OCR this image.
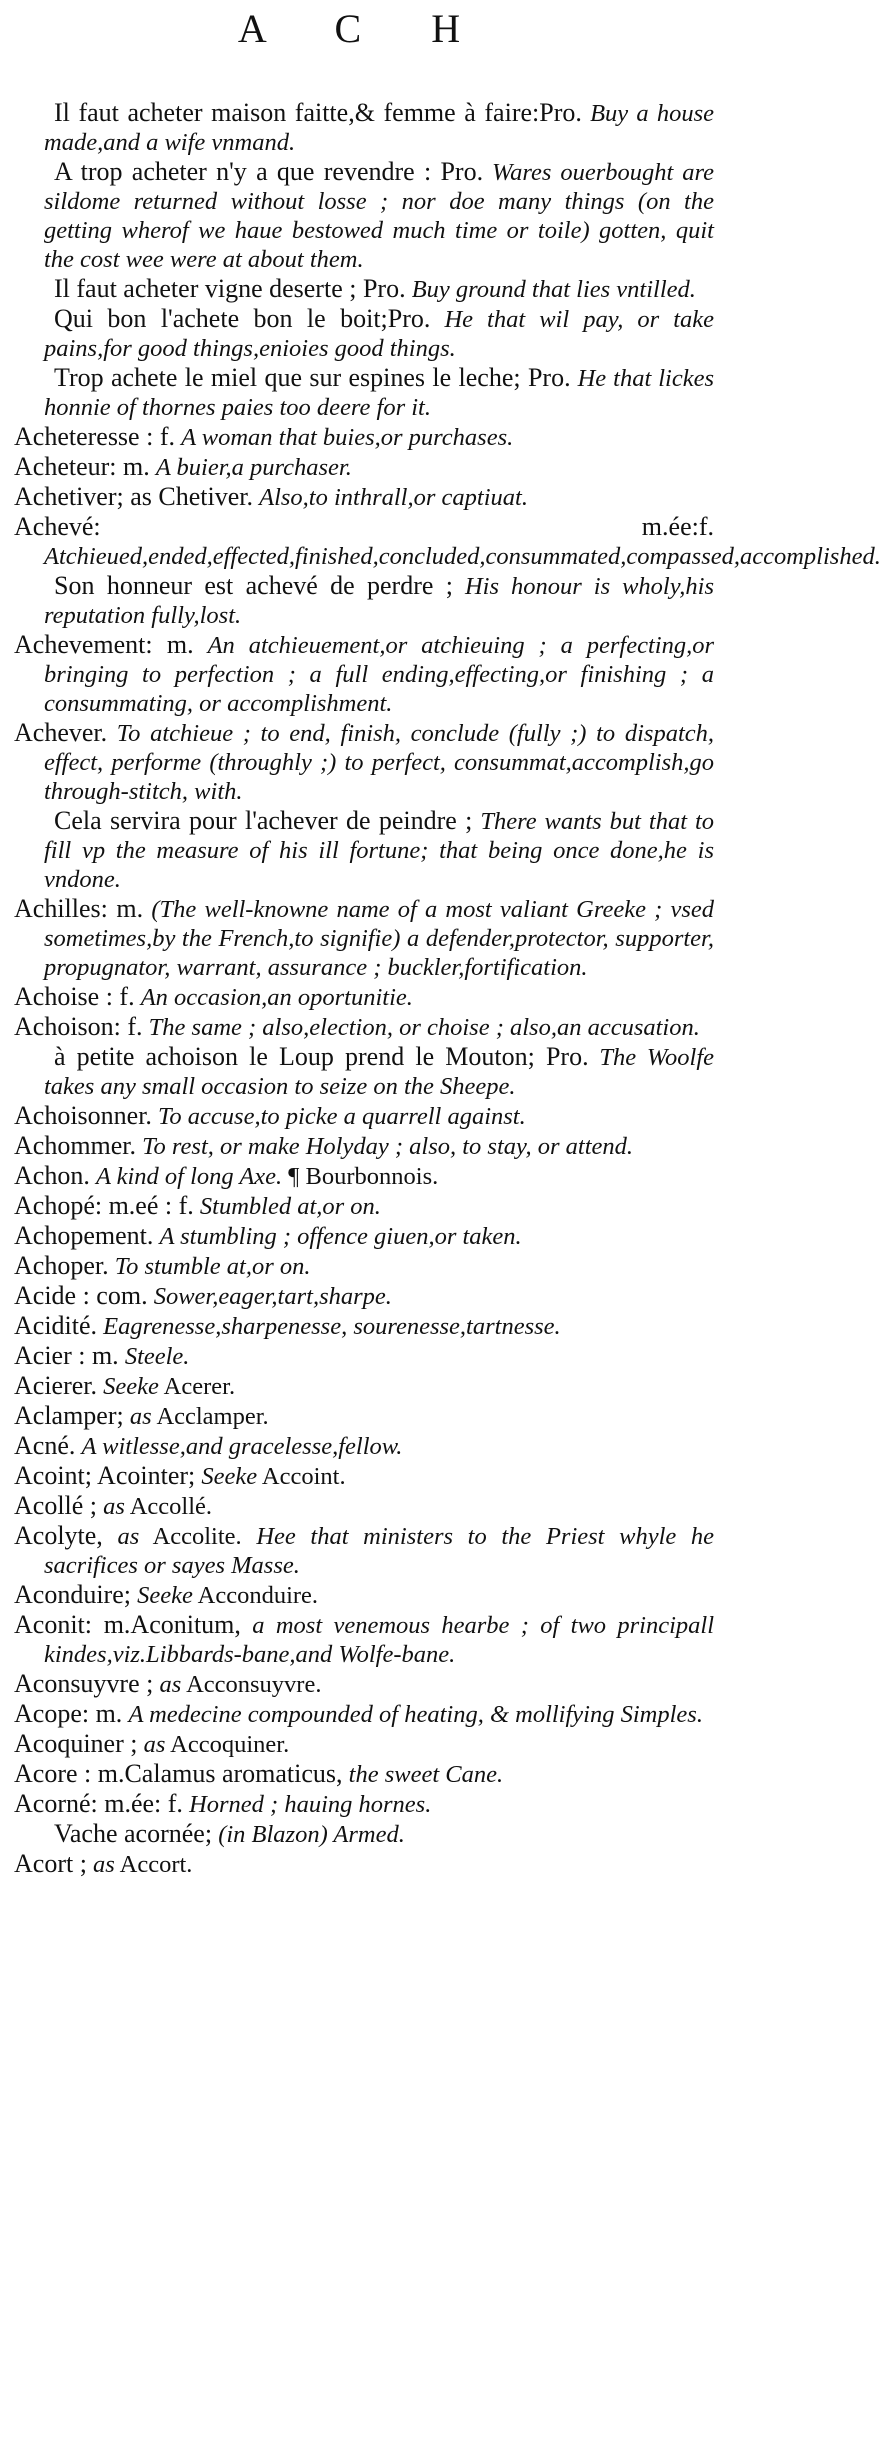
A C H

Il faut acheter maison faitte,& femme à faire:Pro. Buy a house made,and a wife vnmand.

A trop acheter n'y a que revendre : Pro. Wares ouerbought are sildome returned without losse ; nor doe many things (on the getting wherof we haue bestowed much time or toile) gotten, quit the cost wee were at about them.

Il faut acheter vigne deserte ; Pro. Buy ground that lies vntilled.

Qui bon l'achete bon le boit;Pro. He that wil pay, or take pains,for good things,enioies good things.

Trop achete le miel que sur espines le leche; Pro. He that lickes honnie of thornes paies too deere for it.

Acheteresse : f. A woman that buies,or purchases.

Acheteur: m. A buier,a purchaser.

Achetiver; as Chetiver. Also,to inthrall,or captiuat.

Achevé: m.ée:f. Atchieued,ended,effected,finished,concluded,consummated,compassed,accomplished.

Son honneur est achevé de perdre ; His honour is wholy,his reputation fully,lost.

Achevement: m. An atchieuement,or atchieuing ; a perfecting,or bringing to perfection ; a full ending,effecting,or finishing ; a consummating, or accomplishment.

Achever. To atchieue ; to end, finish, conclude (fully ;) to dispatch, effect, performe (throughly ;) to perfect, consummat,accomplish,go through-stitch, with.

Cela servira pour l'achever de peindre ; There wants but that to fill vp the measure of his ill fortune; that being once done,he is vndone.

Achilles: m. (The well-knowne name of a most valiant Greeke ; vsed sometimes,by the French,to signifie) a defender,protector, supporter, propugnator, warrant, assurance ; buckler,fortification.

Achoise : f. An occasion,an oportunitie.

Achoison: f. The same ; also,election, or choise ; also,an accusation.

à petite achoison le Loup prend le Mouton; Pro. The Woolfe takes any small occasion to seize on the Sheepe.

Achoisonner. To accuse,to picke a quarrell against.

Achommer. To rest, or make Holyday ; also, to stay, or attend.

Achon. A kind of long Axe. ¶ Bourbonnois.

Achopé: m.eé : f. Stumbled at,or on.

Achopement. A stumbling ; offence giuen,or taken.

Achoper. To stumble at,or on.

Acide : com. Sower,eager,tart,sharpe.

Acidité. Eagrenesse,sharpenesse, sourenesse,tartnesse.

Acier : m. Steele.

Acierer. Seeke Acerer.

Aclamper; as Acclamper.

Acné. A witlesse,and gracelesse,fellow.

Acoint; Acointer; Seeke Accoint.

Acollé ; as Accollé.

Acolyte, as Accolite. Hee that ministers to the Priest whyle he sacrifices or sayes Masse.

Aconduire; Seeke Acconduire.

Aconit: m.Aconitum, a most venemous hearbe ; of two principall kindes,viz.Libbards-bane,and Wolfe-bane.

Aconsuyvre ; as Acconsuyvre.

Acope: m. A medecine compounded of heating, & mollifying Simples.

Acoquiner ; as Accoquiner.

Acore : m.Calamus aromaticus, the sweet Cane.

Acorné: m.ée: f. Horned ; hauing hornes.

Vache acornée; (in Blazon) Armed.

Acort ; as Accort.
